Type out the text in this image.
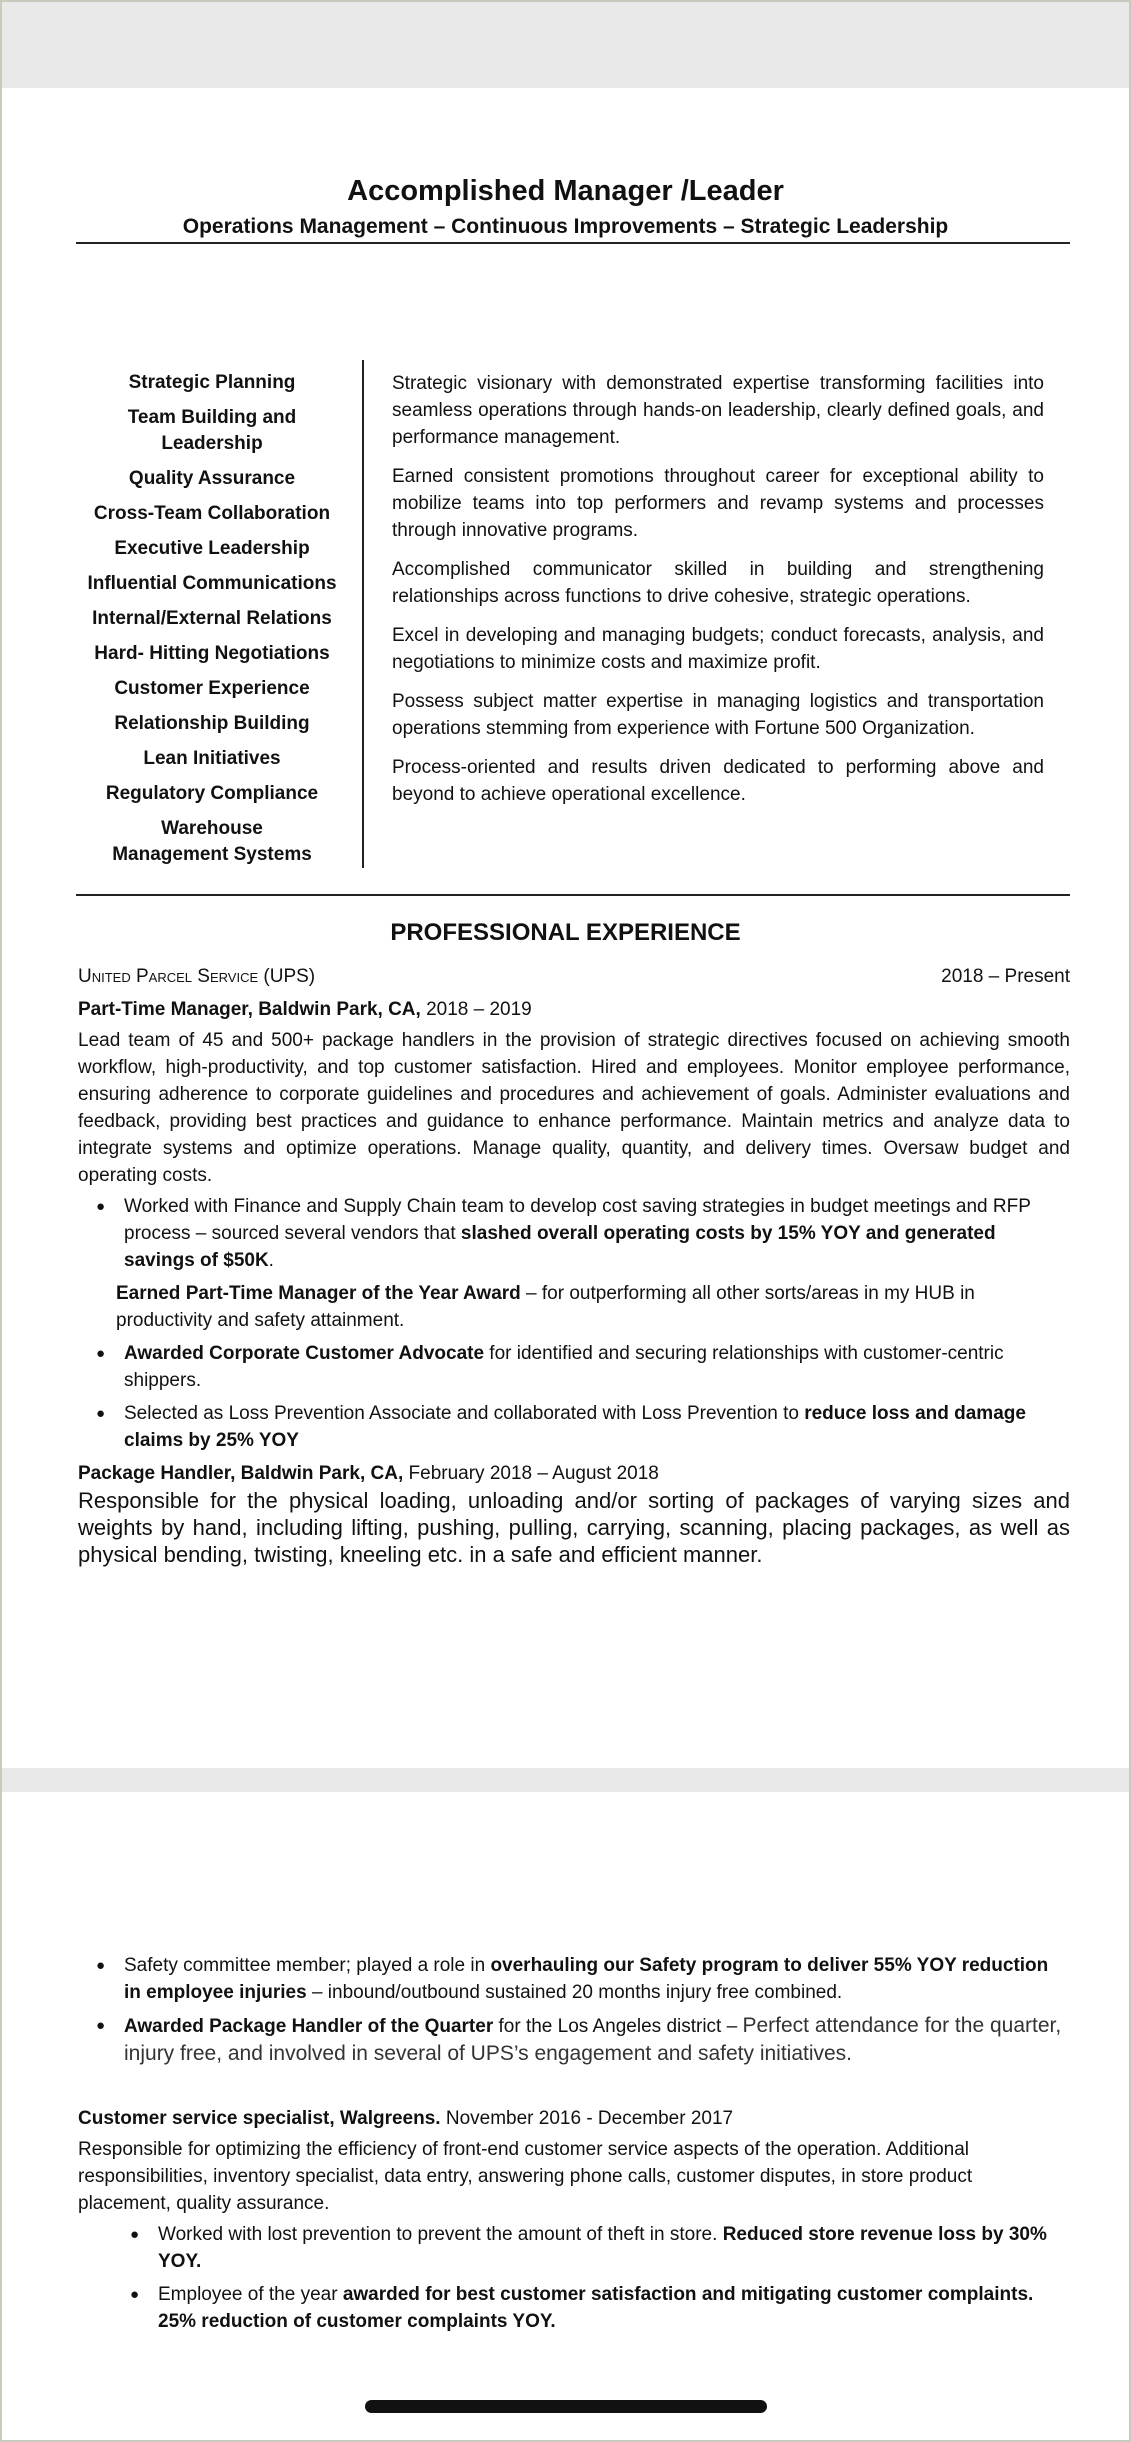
Accomplished Manager /Leader
Operations Management – Continuous Improvements – Strategic Leadership
Strategic Planning
Team Building and Leadership
Quality Assurance
Cross-Team Collaboration
Executive Leadership
Influential Communications
Internal/External Relations
Hard- Hitting Negotiations
Customer Experience
Relationship Building
Lean Initiatives
Regulatory Compliance
Warehouse Management Systems

Strategic visionary with demonstrated expertise transforming facilities into seamless operations through hands-on leadership, clearly defined goals, and performance management.

Earned consistent promotions throughout career for exceptional ability to mobilize teams into top performers and revamp systems and processes through innovative programs.

Accomplished communicator skilled in building and strengthening relationships across functions to drive cohesive, strategic operations.

Excel in developing and managing budgets; conduct forecasts, analysis, and negotiations to minimize costs and maximize profit.

Possess subject matter expertise in managing logistics and transportation operations stemming from experience with Fortune 500 Organization.

Process-oriented and results driven dedicated to performing above and beyond to achieve operational excellence.

PROFESSIONAL EXPERIENCE
United Parcel Service (UPS)	2018 – Present
Part-Time Manager, Baldwin Park, CA, 2018 – 2019

Lead team of 45 and 500+ package handlers in the provision of strategic directives focused on achieving smooth workflow, high-productivity, and top customer satisfaction. Hired and employees. Monitor employee performance, ensuring adherence to corporate guidelines and procedures and achievement of goals. Administer evaluations and feedback, providing best practices and guidance to enhance performance. Maintain metrics and analyze data to integrate systems and optimize operations. Manage quality, quantity, and delivery times. Oversaw budget and operating costs.

● Worked with Finance and Supply Chain team to develop cost saving strategies in budget meetings and RFP process – sourced several vendors that slashed overall operating costs by 15% YOY and generated savings of $50K.
Earned Part-Time Manager of the Year Award – for outperforming all other sorts/areas in my HUB in productivity and safety attainment.
● Awarded Corporate Customer Advocate for identified and securing relationships with customer-centric shippers.
● Selected as Loss Prevention Associate and collaborated with Loss Prevention to reduce loss and damage claims by 25% YOY
Package Handler, Baldwin Park, CA, February 2018 – August 2018

Responsible for the physical loading, unloading and/or sorting of packages of varying sizes and weights by hand, including lifting, pushing, pulling, carrying, scanning, placing packages, as well as physical bending, twisting, kneeling etc. in a safe and efficient manner.

● Safety committee member; played a role in overhauling our Safety program to deliver 55% YOY reduction in employee injuries – inbound/outbound sustained 20 months injury free combined.
● Awarded Package Handler of the Quarter for the Los Angeles district – Perfect attendance for the quarter, injury free, and involved in several of UPS’s engagement and safety initiatives.
Customer service specialist, Walgreens. November 2016 - December 2017

Responsible for optimizing the efficiency of front-end customer service aspects of the operation. Additional responsibilities, inventory specialist, data entry, answering phone calls, customer disputes, in store product placement, quality assurance.

● Worked with lost prevention to prevent the amount of theft in store. Reduced store revenue loss by 30% YOY.
● Employee of the year awarded for best customer satisfaction and mitigating customer complaints. 25% reduction of customer complaints YOY.
